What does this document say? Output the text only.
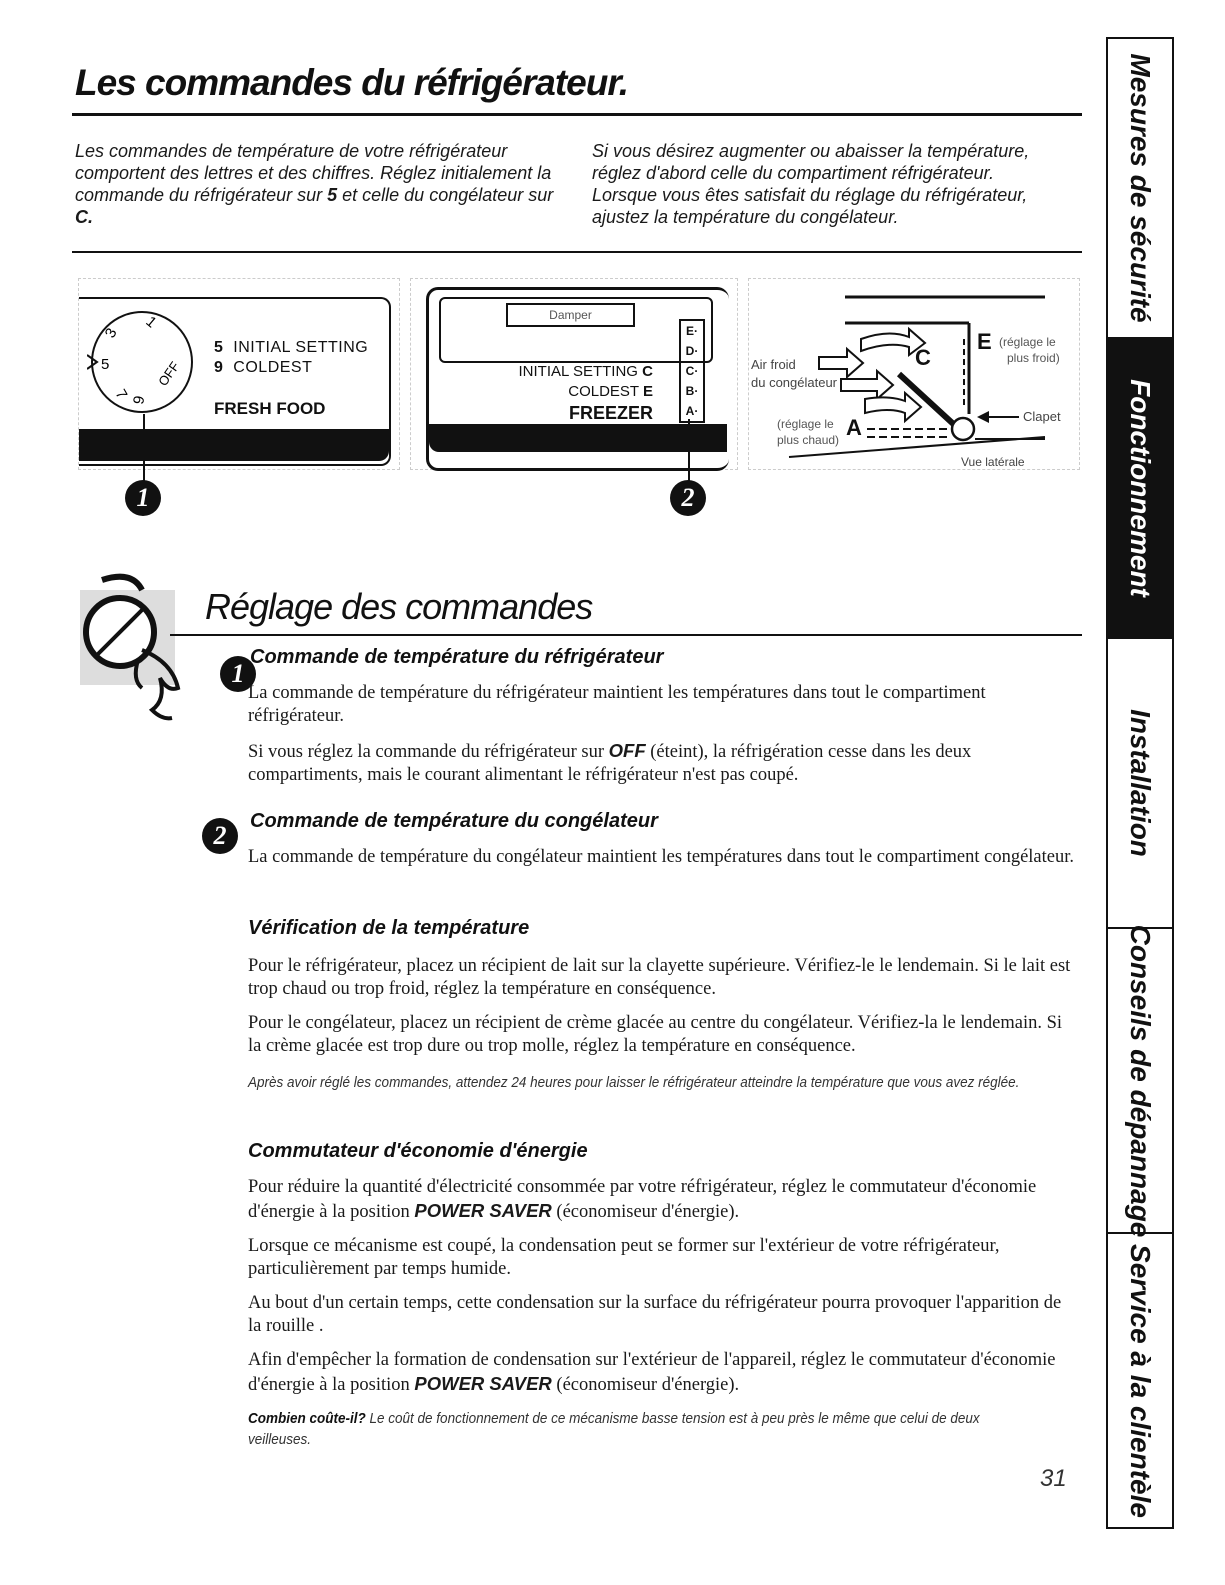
Les commandes du réfrigérateur.
Les commandes de température de votre réfrigérateur comportent des lettres et des chiffres. Réglez initialement la commande du réfrigérateur sur 5 et celle du congélateur sur C.
Si vous désirez augmenter ou abaisser la température, réglez d'abord celle du compartiment réfrigérateur. Lorsque vous êtes satisfait du réglage du réfrigérateur, ajustez la température du congélateur.
1
3
5
7 9
OFF
5 INITIAL SETTING
9 COLDEST
FRESH FOOD
1
Damper
INITIAL SETTING C
COLDEST E
FREEZER
E·
D·
C·
B·
A·
2
Air froid
du congélateur
E (réglage le
plus froid)
C
(réglage le
plus chaud) A	Clapet
Vue latérale
Réglage des commandes
1
Commande de température du réfrigérateur

La commande de température du réfrigérateur maintient les températures dans tout le compartiment réfrigérateur.

Si vous réglez la commande du réfrigérateur sur OFF (éteint), la réfrigération cesse dans les deux compartiments, mais le courant alimentant le réfrigérateur n'est pas coupé.

2	Commande de température du congélateur

La commande de température du congélateur maintient les températures dans tout le compartiment congélateur.

Vérification de la température

Pour le réfrigérateur, placez un récipient de lait sur la clayette supérieure. Vérifiez-le le lendemain. Si le lait est trop chaud ou trop froid, réglez la température en conséquence.

Pour le congélateur, placez un récipient de crème glacée au centre du congélateur. Vérifiez-la le lendemain. Si la crème glacée est trop dure ou trop molle, réglez la température en conséquence.

Après avoir réglé les commandes, attendez 24 heures pour laisser le réfrigérateur atteindre la température que vous avez réglée.
Commutateur d'économie d'énergie

Pour réduire la quantité d'électricité consommée par votre réfrigérateur, réglez le commutateur d'économie d'énergie à la position POWER SAVER (économiseur d'énergie).

Lorsque ce mécanisme est coupé, la condensation peut se former sur l'extérieur de votre réfrigérateur, particulièrement par temps humide.

Au bout d'un certain temps, cette condensation sur la surface du réfrigérateur pourra provoquer l'apparition de la rouille .

Afin d'empêcher la formation de condensation sur l'extérieur de l'appareil, réglez le commutateur d'économie d'énergie à la position POWER SAVER (économiseur d'énergie).

Combien coûte-il? Le coût de fonctionnement de ce mécanisme basse tension est à peu près le même que celui de deux veilleuses.
31
Mesures de sécurité
Fonctionnement
Installation
Conseils de dépannage
Service à la clientèle
